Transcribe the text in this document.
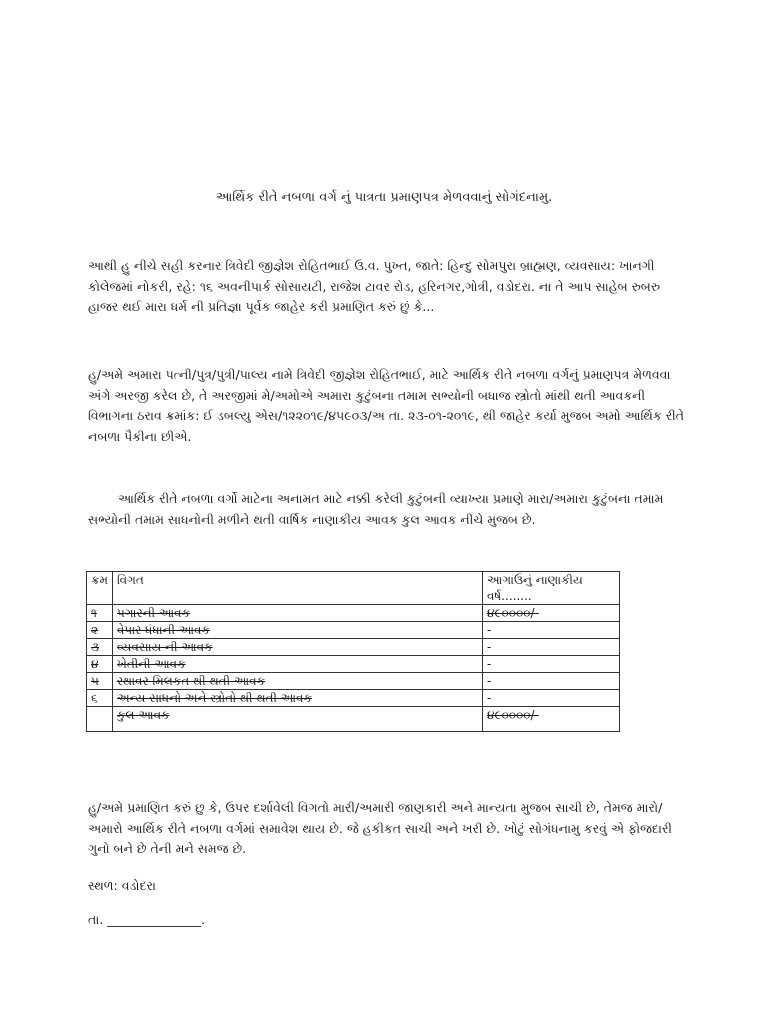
આર્થિક રીતે નબળા વર્ગ નું પાત્રતા પ્રમાણપત્ર મેળવવાનું સોગંદનામુ.

આથી હુ નીચે સહી કરનાર ત્રિવેદી જીજ્ઞેશ રોહિતભાઈ ઉ.વ. પુખ્ત, જાતે: હિન્દુ સોમપુરા બ્રાહ્મણ, વ્યવસાય: ખાનગી કોલેજમાં નોકરી, રહે: ૧૬ અવનીપાર્ક સોસાયટી, રાજેશ ટાવર રોડ, હરિનગર,ગોત્રી, વડોદરા. ના તે આપ સાહેબ રુબરુ હાજર થઈ મારા ધર્મ ની પ્રતિજ્ઞા પૂર્વક જાહેર કરી પ્રમાણિત કરું છું કે...

હુ/અમે અમારા પત્ની/પુત્ર/પુત્રી/પાલ્ય નામે ત્રિવેદી જીજ્ઞેશ રોહિતભાઈ, માટે આર્થિક રીતે નબળા વર્ગનું પ્રમાણપત્ર મેળવવા અંગે અરજી કરેલ છે, તે અરજીમાં મે/અમોએ અમારા કુટુંબના તમામ સભ્યોની બધાજ સ્ત્રોતો માંથી થતી આવકની વિભાગના ઠરાવ ક્રમાંક: ઈ ડબલ્યુ એસ/૧૨૨૦૧૯/૪૫૯૦૩/અ તા. ૨૩-૦૧-૨૦૧૯, થી જાહેર કર્યા મુજબ અમો આર્થિક રીતે નબળા પૈકીના છીએ.

આર્થિક રીતે નબળા વર્ગો માટેના અનામત માટે નક્કી કરેલી કુટુંબની વ્યાખ્યા પ્રમાણે મારા/અમારા કુટુંબના તમામ સભ્યોની તમામ સાધનોની મળીને થતી વાર્ષિક નાણાકીય આવક કુલ આવક નીચે મુજબ છે.

ક્રમ	વિગત	આગાઉનું નાણાકીય વર્ષ........
૧	પગારની આવક	૪૯૦૦૦૦/-
૨	વેપાર ધંધાની આવક	-
૩	વ્યવસાય ની આવક	-
૪	ખેતીની આવક	-
૫	સ્થાવર મિલકત થી થતી આવક	-
૬	અન્ય સાધનો અને સ્ત્રોતો થી થતી આવક	-
	કુલ આવક	૪૯૦૦૦૦/-

હુ/અમે પ્રમાણિત કરું છુ કે, ઉપર દર્શાવેલી વિગતો મારી/અમારી જાણકારી અને માન્યતા મુજબ સાચી છે, તેમજ મારો/અમારો આર્થિક રીતે નબળા વર્ગમાં સમાવેશ થાય છે. જે હકીકત સાચી અને ખરી છે. ખોટું સોગંધનામુ કરવું એ ફોજદારી ગુનો બને છે તેની મને સમજ છે.

સ્થળ: વડોદરા

તા. _______________.
